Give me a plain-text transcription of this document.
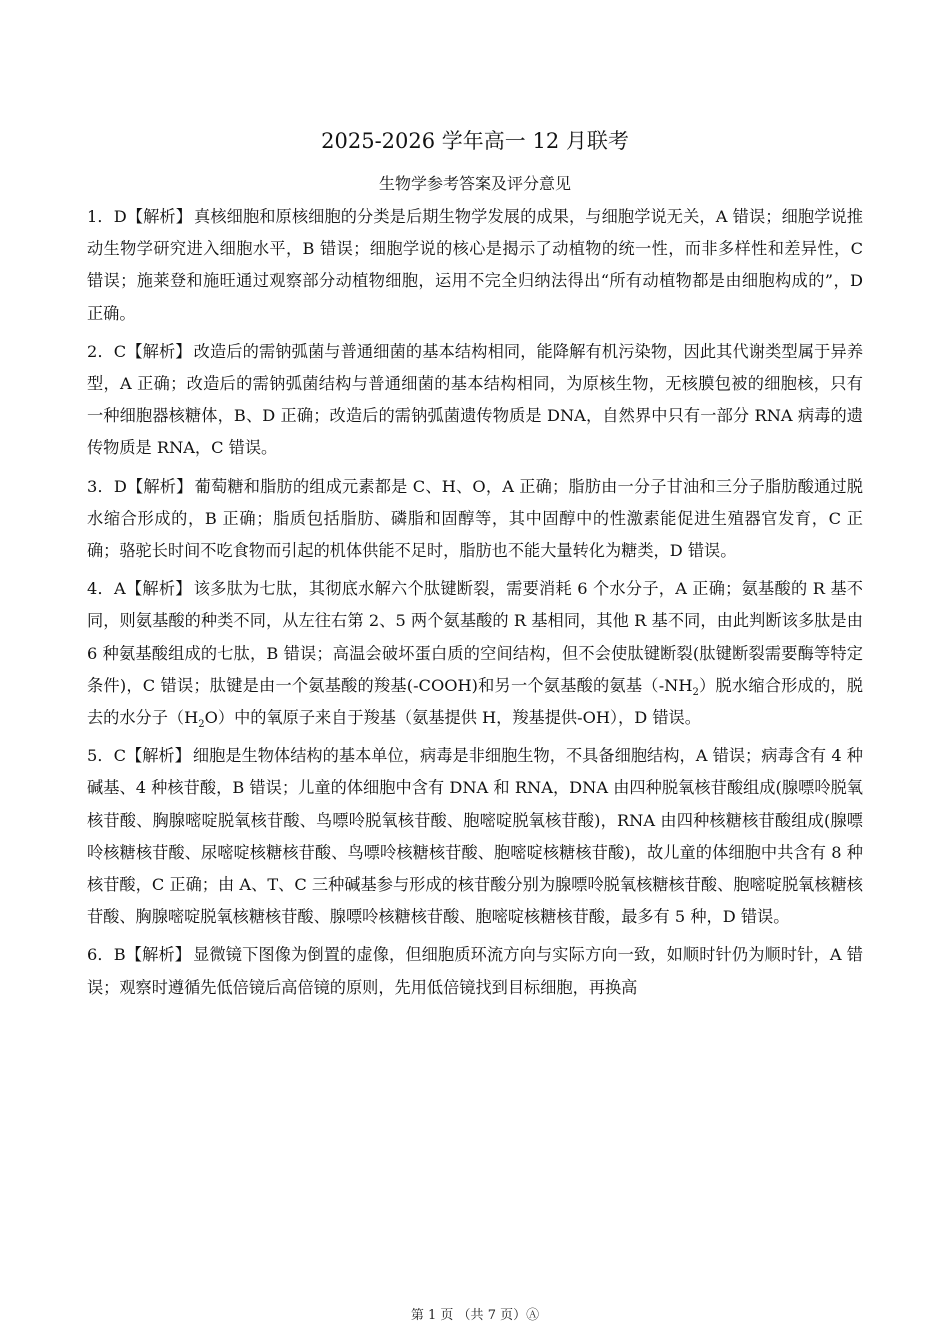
2025-2026 学年高一 12 月联考
生物学参考答案及评分意见

1．D【解析】 真核细胞和原核细胞的分类是后期生物学发展的成果，与细胞学说无关，A 错误；细胞学说推动生物学研究进入细胞水平，B 错误；细胞学说的核心是揭示了动植物的统一性，而非多样性和差异性，C 错误；施莱登和施旺通过观察部分动植物细胞，运用不完全归纳法得出“所有动植物都是由细胞构成的”，D 正确。

2．C【解析】 改造后的需钠弧菌与普通细菌的基本结构相同，能降解有机污染物，因此其代谢类型属于异养型，A 正确；改造后的需钠弧菌结构与普通细菌的基本结构相同，为原核生物，无核膜包被的细胞核，只有一种细胞器核糖体，B、D 正确；改造后的需钠弧菌遗传物质是 DNA，自然界中只有一部分 RNA 病毒的遗传物质是 RNA，C 错误。

3．D【解析】 葡萄糖和脂肪的组成元素都是 C、H、O，A 正确；脂肪由一分子甘油和三分子脂肪酸通过脱水缩合形成的，B 正确；脂质包括脂肪、磷脂和固醇等，其中固醇中的性激素能促进生殖器官发育，C 正确；骆驼长时间不吃食物而引起的机体供能不足时，脂肪也不能大量转化为糖类，D 错误。

4．A【解析】 该多肽为七肽，其彻底水解六个肽键断裂，需要消耗 6 个水分子，A 正确；氨基酸的 R 基不同，则氨基酸的种类不同，从左往右第 2、5 两个氨基酸的 R 基相同，其他 R 基不同，由此判断该多肽是由 6 种氨基酸组成的七肽，B 错误；高温会破坏蛋白质的空间结构，但不会使肽键断裂(肽键断裂需要酶等特定条件)，C 错误；肽键是由一个氨基酸的羧基(-COOH)和另一个氨基酸的氨基$(-NH_2)$脱水缩合形成的，脱去的水分子$(H_2O)$中的氧原子来自于羧基（氨基提供 H，羧基提供-OH），D 错误。

5．C【解析】 细胞是生物体结构的基本单位，病毒是非细胞生物，不具备细胞结构，A 错误；病毒含有 4 种碱基、4 种核苷酸，B 错误；儿童的体细胞中含有 DNA 和 RNA，DNA 由四种脱氧核苷酸组成(腺嘌呤脱氧核苷酸、胸腺嘧啶脱氧核苷酸、鸟嘌呤脱氧核苷酸、胞嘧啶脱氧核苷酸)，RNA 由四种核糖核苷酸组成(腺嘌呤核糖核苷酸、尿嘧啶核糖核苷酸、鸟嘌呤核糖核苷酸、胞嘧啶核糖核苷酸)，故儿童的体细胞中共含有 8 种核苷酸，C 正确；由 A、T、C 三种碱基参与形成的核苷酸分别为腺嘌呤脱氧核糖核苷酸、胞嘧啶脱氧核糖核苷酸、胸腺嘧啶脱氧核糖核苷酸、腺嘌呤核糖核苷酸、胞嘧啶核糖核苷酸，最多有 5 种，D 错误。

6．B【解析】 显微镜下图像为倒置的虚像，但细胞质环流方向与实际方向一致，如顺时针仍为顺时针，A 错误；观察时遵循先低倍镜后高倍镜的原则，先用低倍镜找到目标细胞，再换高

第 1 页 （共 7 页）Ⓐ
